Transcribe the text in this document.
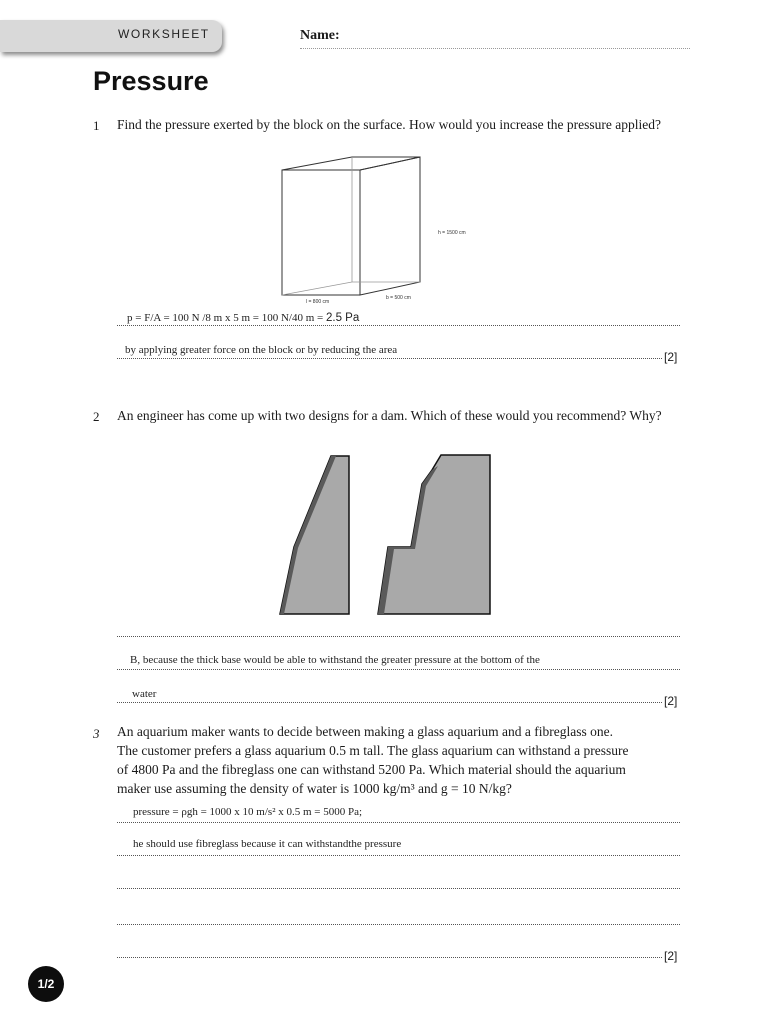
WORKSHEET	Name:
Pressure
1 Find the pressure exerted by the block on the surface. How would you increase the pressure applied?
h = 1500 cm
l = 800 cm
b = 500 cm
p = F/A = 100 N /8 m x 5 m = 100 N/40 m = 2.5 Pa
by applying greater force on the block or by reducing the area	[2]
2 An engineer has come up with two designs for a dam. Which of these would you recommend? Why?
B, because the thick base would be able to withstand the greater pressure at the bottom of the
water	[2]
3 An aquarium maker wants to decide between making a glass aquarium and a fibreglass one.
The customer prefers a glass aquarium 0.5 m tall. The glass aquarium can withstand a pressure
of 4800 Pa and the fibreglass one can withstand 5200 Pa. Which material should the aquarium
maker use assuming the density of water is 1000 kg/m³ and g = 10 N/kg?
pressure = ρgh = 1000 x 10 m/s² x 0.5 m = 5000 Pa;
he should use fibreglass because it can withstandthe pressure
[2]
1/2
